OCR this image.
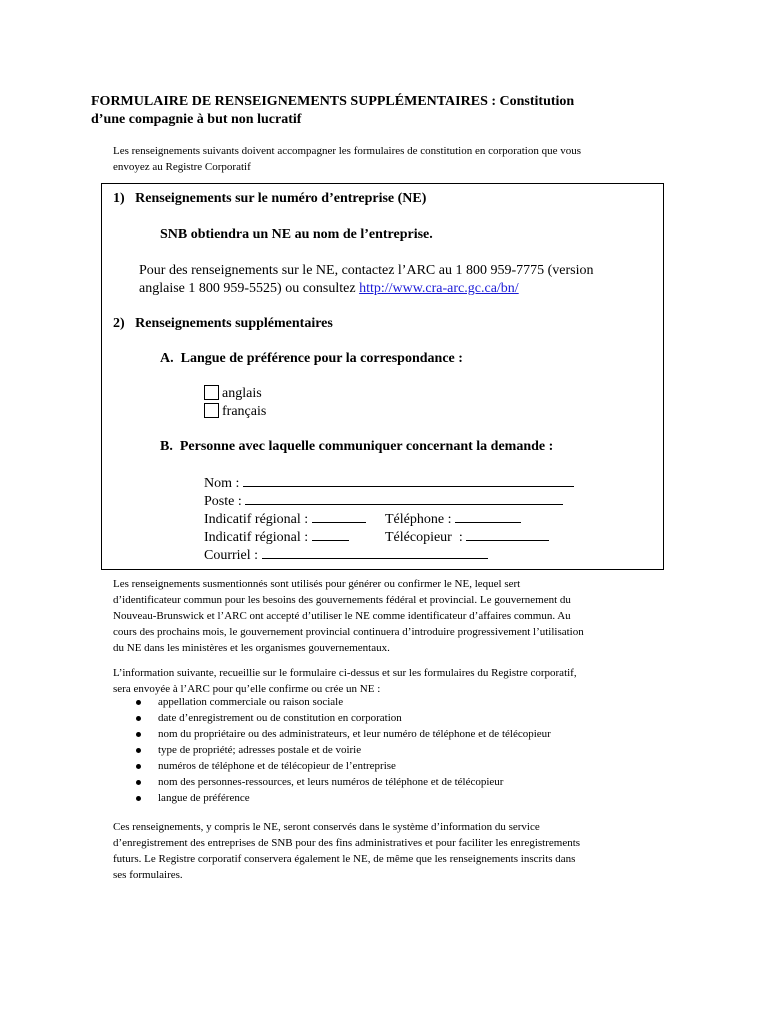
FORMULAIRE DE RENSEIGNEMENTS SUPPLÉMENTAIRES : Constitution
d’une compagnie à but non lucratif
Les renseignements suivants doivent accompagner les formulaires de constitution en corporation que vous
envoyez au Registre Corporatif
1)   Renseignements sur le numéro d’entreprise (NE)
SNB obtiendra un NE au nom de l’entreprise.
Pour des renseignements sur le NE, contactez l’ARC au 1 800 959-7775 (version
anglaise 1 800 959-5525) ou consultez http://www.cra-arc.gc.ca/bn/
2)   Renseignements supplémentaires
A.  Langue de préférence pour la correspondance :
anglais
français
B.  Personne avec laquelle communiquer concernant la demande :
Nom :
Poste :
Indicatif régional :	Téléphone :
Indicatif régional :	Télécopieur  :
Courriel :
Les renseignements susmentionnés sont utilisés pour générer ou confirmer le NE, lequel sert
d’identificateur commun pour les besoins des gouvernements fédéral et provincial. Le gouvernement du
Nouveau-Brunswick et l’ARC ont accepté d’utiliser le NE comme identificateur d’affaires commun. Au
cours des prochains mois, le gouvernement provincial continuera d’introduire progressivement l’utilisation
du NE dans les ministères et les organismes gouvernementaux.
L’information suivante, recueillie sur le formulaire ci-dessus et sur les formulaires du Registre corporatif,
sera envoyée à l’ARC pour qu’elle confirme ou crée un NE :
appellation commerciale ou raison sociale
date d’enregistrement ou de constitution en corporation
nom du propriétaire ou des administrateurs, et leur numéro de téléphone et de télécopieur
type de propriété; adresses postale et de voirie
numéros de téléphone et de télécopieur de l’entreprise
nom des personnes-ressources, et leurs numéros de téléphone et de télécopieur
langue de préférence
Ces renseignements, y compris le NE, seront conservés dans le système d’information du service
d’enregistrement des entreprises de SNB pour des fins administratives et pour faciliter les enregistrements
futurs. Le Registre corporatif conservera également le NE, de même que les renseignements inscrits dans
ses formulaires.
